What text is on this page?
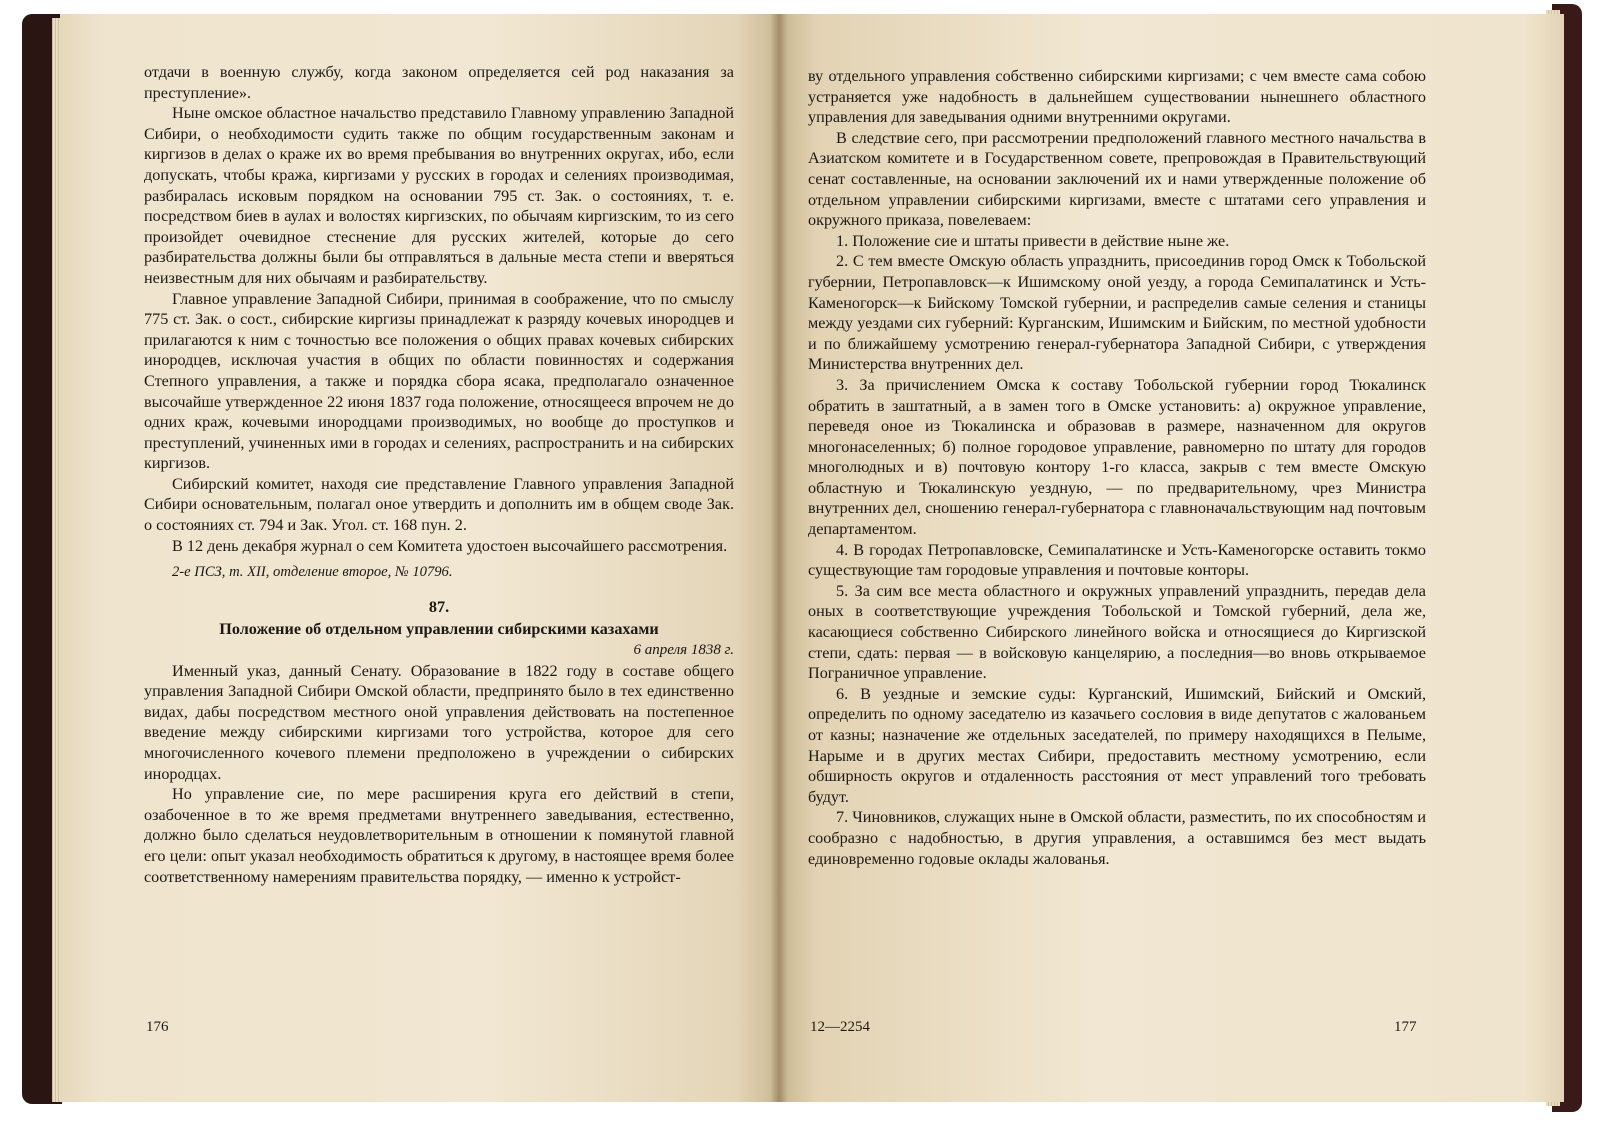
отдачи в военную службу, когда законом определяется сей род наказания за преступление».

Ныне омское областное начальство представило Главному управлению Западной Сибири, о необходимости судить также по общим государственным законам и киргизов в делах о краже их во время пребывания во внутренних округах, ибо, если допускать, чтобы кража, киргизами у русских в городах и селениях производимая, разбиралась исковым порядком на основании 795 ст. Зак. о состояниях, т. е. посредством биев в аулах и волостях киргизских, по обычаям киргизским, то из сего произойдет очевидное стеснение для русских жителей, которые до сего разбирательства должны были бы отправляться в дальные места степи и вверяться неизвестным для них обычаям и разбирательству.

Главное управление Западной Сибири, принимая в соображение, что по смыслу 775 ст. Зак. о сост., сибирские киргизы принадлежат к разряду кочевых инородцев и прилагаются к ним с точностью все положения о общих правах кочевых сибирских инородцев, исключая участия в общих по области повинностях и содержания Степного управления, а также и порядка сбора ясака, предполагало означенное высочайше утвержденное 22 июня 1837 года положение, относящееся впрочем не до одних краж, кочевыми инородцами производимых, но вообще до проступков и преступлений, учиненных ими в городах и селениях, распространить и на сибирских киргизов.

Сибирский комитет, находя сие представление Главного управления Западной Сибири основательным, полагал оное утвердить и дополнить им в общем своде Зак. о состояниях ст. 794 и Зак. Угол. ст. 168 пун. 2.

В 12 день декабря журнал о сем Комитета удостоен высочайшего рассмотрения.

2-е ПСЗ, т. XII, отделение второе, № 10796.

87.

Положение об отдельном управлении сибирскими казахами

6 апреля 1838 г.

Именный указ, данный Сенату. Образование в 1822 году в составе общего управления Западной Сибири Омской области, предпринято было в тех единственно видах, дабы посредством местного оной управления действовать на постепенное введение между сибирскими киргизами того устройства, которое для сего многочисленного кочевого племени предположено в учреждении о сибирских инородцах.

Но управление сие, по мере расширения круга его действий в степи, озабоченное в то же время предметами внутреннего заведывания, естественно, должно было сделаться неудовлетворительным в отношении к помянутой главной его цели: опыт указал необходимость обратиться к другому, в настоящее время более соответственному намерениям правительства порядку, — именно к устройст-

176

ву отдельного управления собственно сибирскими киргизами; с чем вместе сама собою устраняется уже надобность в дальнейшем существовании нынешнего областного управления для заведывания одними внутренними округами.

В следствие сего, при рассмотрении предположений главного местного начальства в Азиатском комитете и в Государственном совете, препровождая в Правительствующий сенат составленные, на основании заключений их и нами утвержденные положение об отдельном управлении сибирскими киргизами, вместе с штатами сего управления и окружного приказа, повелеваем:

1. Положение сие и штаты привести в действие ныне же.

2. С тем вместе Омскую область упразднить, присоединив город Омск к Тобольской губернии, Петропавловск—к Ишимскому оной уезду, а города Семипалатинск и Усть-Каменогорск—к Бийскому Томской губернии, и распределив самые селения и станицы между уездами сих губерний: Курганским, Ишимским и Бийским, по местной удобности и по ближайшему усмотрению генерал-губернатора Западной Сибири, с утверждения Министерства внутренних дел.

3. За причислением Омска к составу Тобольской губернии город Тюкалинск обратить в заштатный, а в замен того в Омске установить: а) окружное управление, переведя оное из Тюкалинска и образовав в размере, назначенном для округов многонаселенных; б) полное городовое управление, равномерно по штату для городов многолюдных и в) почтовую контору 1-го класса, закрыв с тем вместе Омскую областную и Тюкалинскую уездную, — по предварительному, чрез Министра внутренних дел, сношению генерал-губернатора с главноначальствующим над почтовым департаментом.

4. В городах Петропавловске, Семипалатинске и Усть-Каменогорске оставить токмо существующие там городовые управления и почтовые конторы.

5. За сим все места областного и окружных управлений упразднить, передав дела оных в соответствующие учреждения Тобольской и Томской губерний, дела же, касающиеся собственно Сибирского линейного войска и относящиеся до Киргизской степи, сдать: первая — в войсковую канцелярию, а последния—во вновь открываемое Пограничное управление.

6. В уездные и земские суды: Курганский, Ишимский, Бийский и Омский, определить по одному заседателю из казачьего сословия в виде депутатов с жалованьем от казны; назначение же отдельных заседателей, по примеру находящихся в Пелыме, Нарыме и в других местах Сибири, предоставить местному усмотрению, если обширность округов и отдаленность расстояния от мест управлений того требовать будут.

7. Чиновников, служащих ныне в Омской области, разместить, по их способностям и сообразно с надобностью, в другия управления, а оставшимся без мест выдать единовременно годовые оклады жалованья.

12—2254	177
